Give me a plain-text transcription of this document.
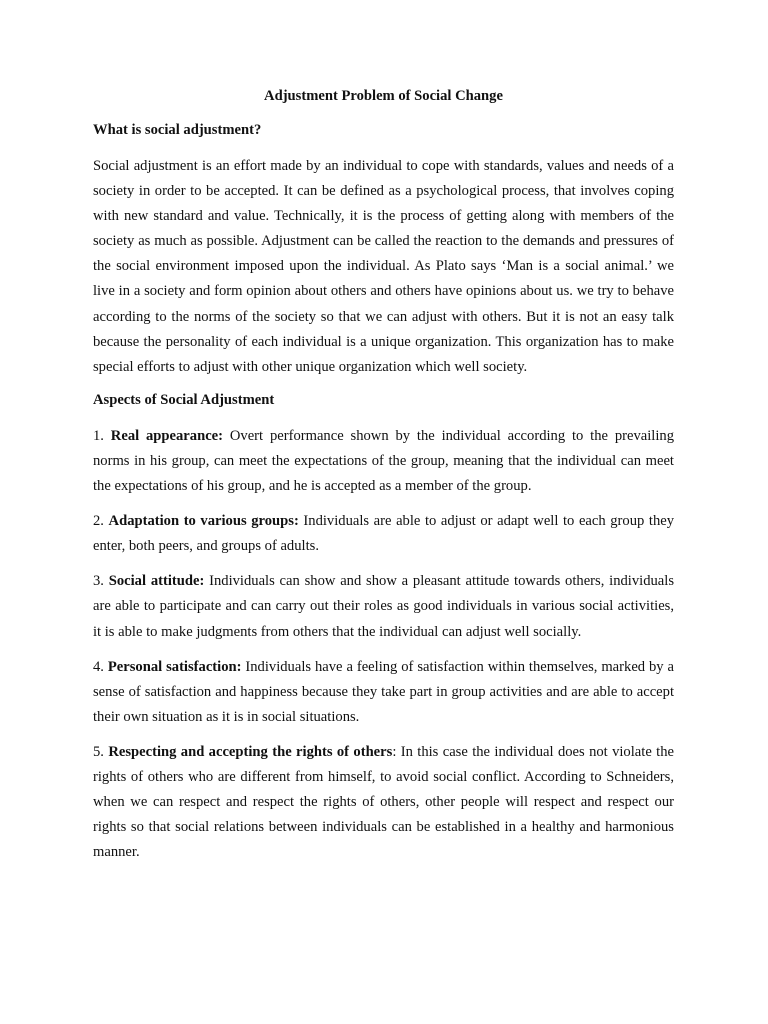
Adjustment Problem of Social Change
What is social adjustment?

Social adjustment is an effort made by an individual to cope with standards, values and needs of a society in order to be accepted. It can be defined as a psychological process, that involves coping with new standard and value. Technically, it is the process of getting along with members of the society as much as possible. Adjustment can be called the reaction to the demands and pressures of the social environment imposed upon the individual. As Plato says ‘Man is a social animal.’ we live in a society and form opinion about others and others have opinions about us. we try to behave according to the norms of the society so that we can adjust with others. But it is not an easy talk because the personality of each individual is a unique organization. This organization has to make special efforts to adjust with other unique organization which well society.

Aspects of Social Adjustment

1. Real appearance: Overt performance shown by the individual according to the prevailing norms in his group, can meet the expectations of the group, meaning that the individual can meet the expectations of his group, and he is accepted as a member of the group.

2. Adaptation to various groups: Individuals are able to adjust or adapt well to each group they enter, both peers, and groups of adults.

3. Social attitude: Individuals can show and show a pleasant attitude towards others, individuals are able to participate and can carry out their roles as good individuals in various social activities, it is able to make judgments from others that the individual can adjust well socially.

4. Personal satisfaction: Individuals have a feeling of satisfaction within themselves, marked by a sense of satisfaction and happiness because they take part in group activities and are able to accept their own situation as it is in social situations.

5. Respecting and accepting the rights of others: In this case the individual does not violate the rights of others who are different from himself, to avoid social conflict. According to Schneiders, when we can respect and respect the rights of others, other people will respect and respect our rights so that social relations between individuals can be established in a healthy and harmonious manner.
